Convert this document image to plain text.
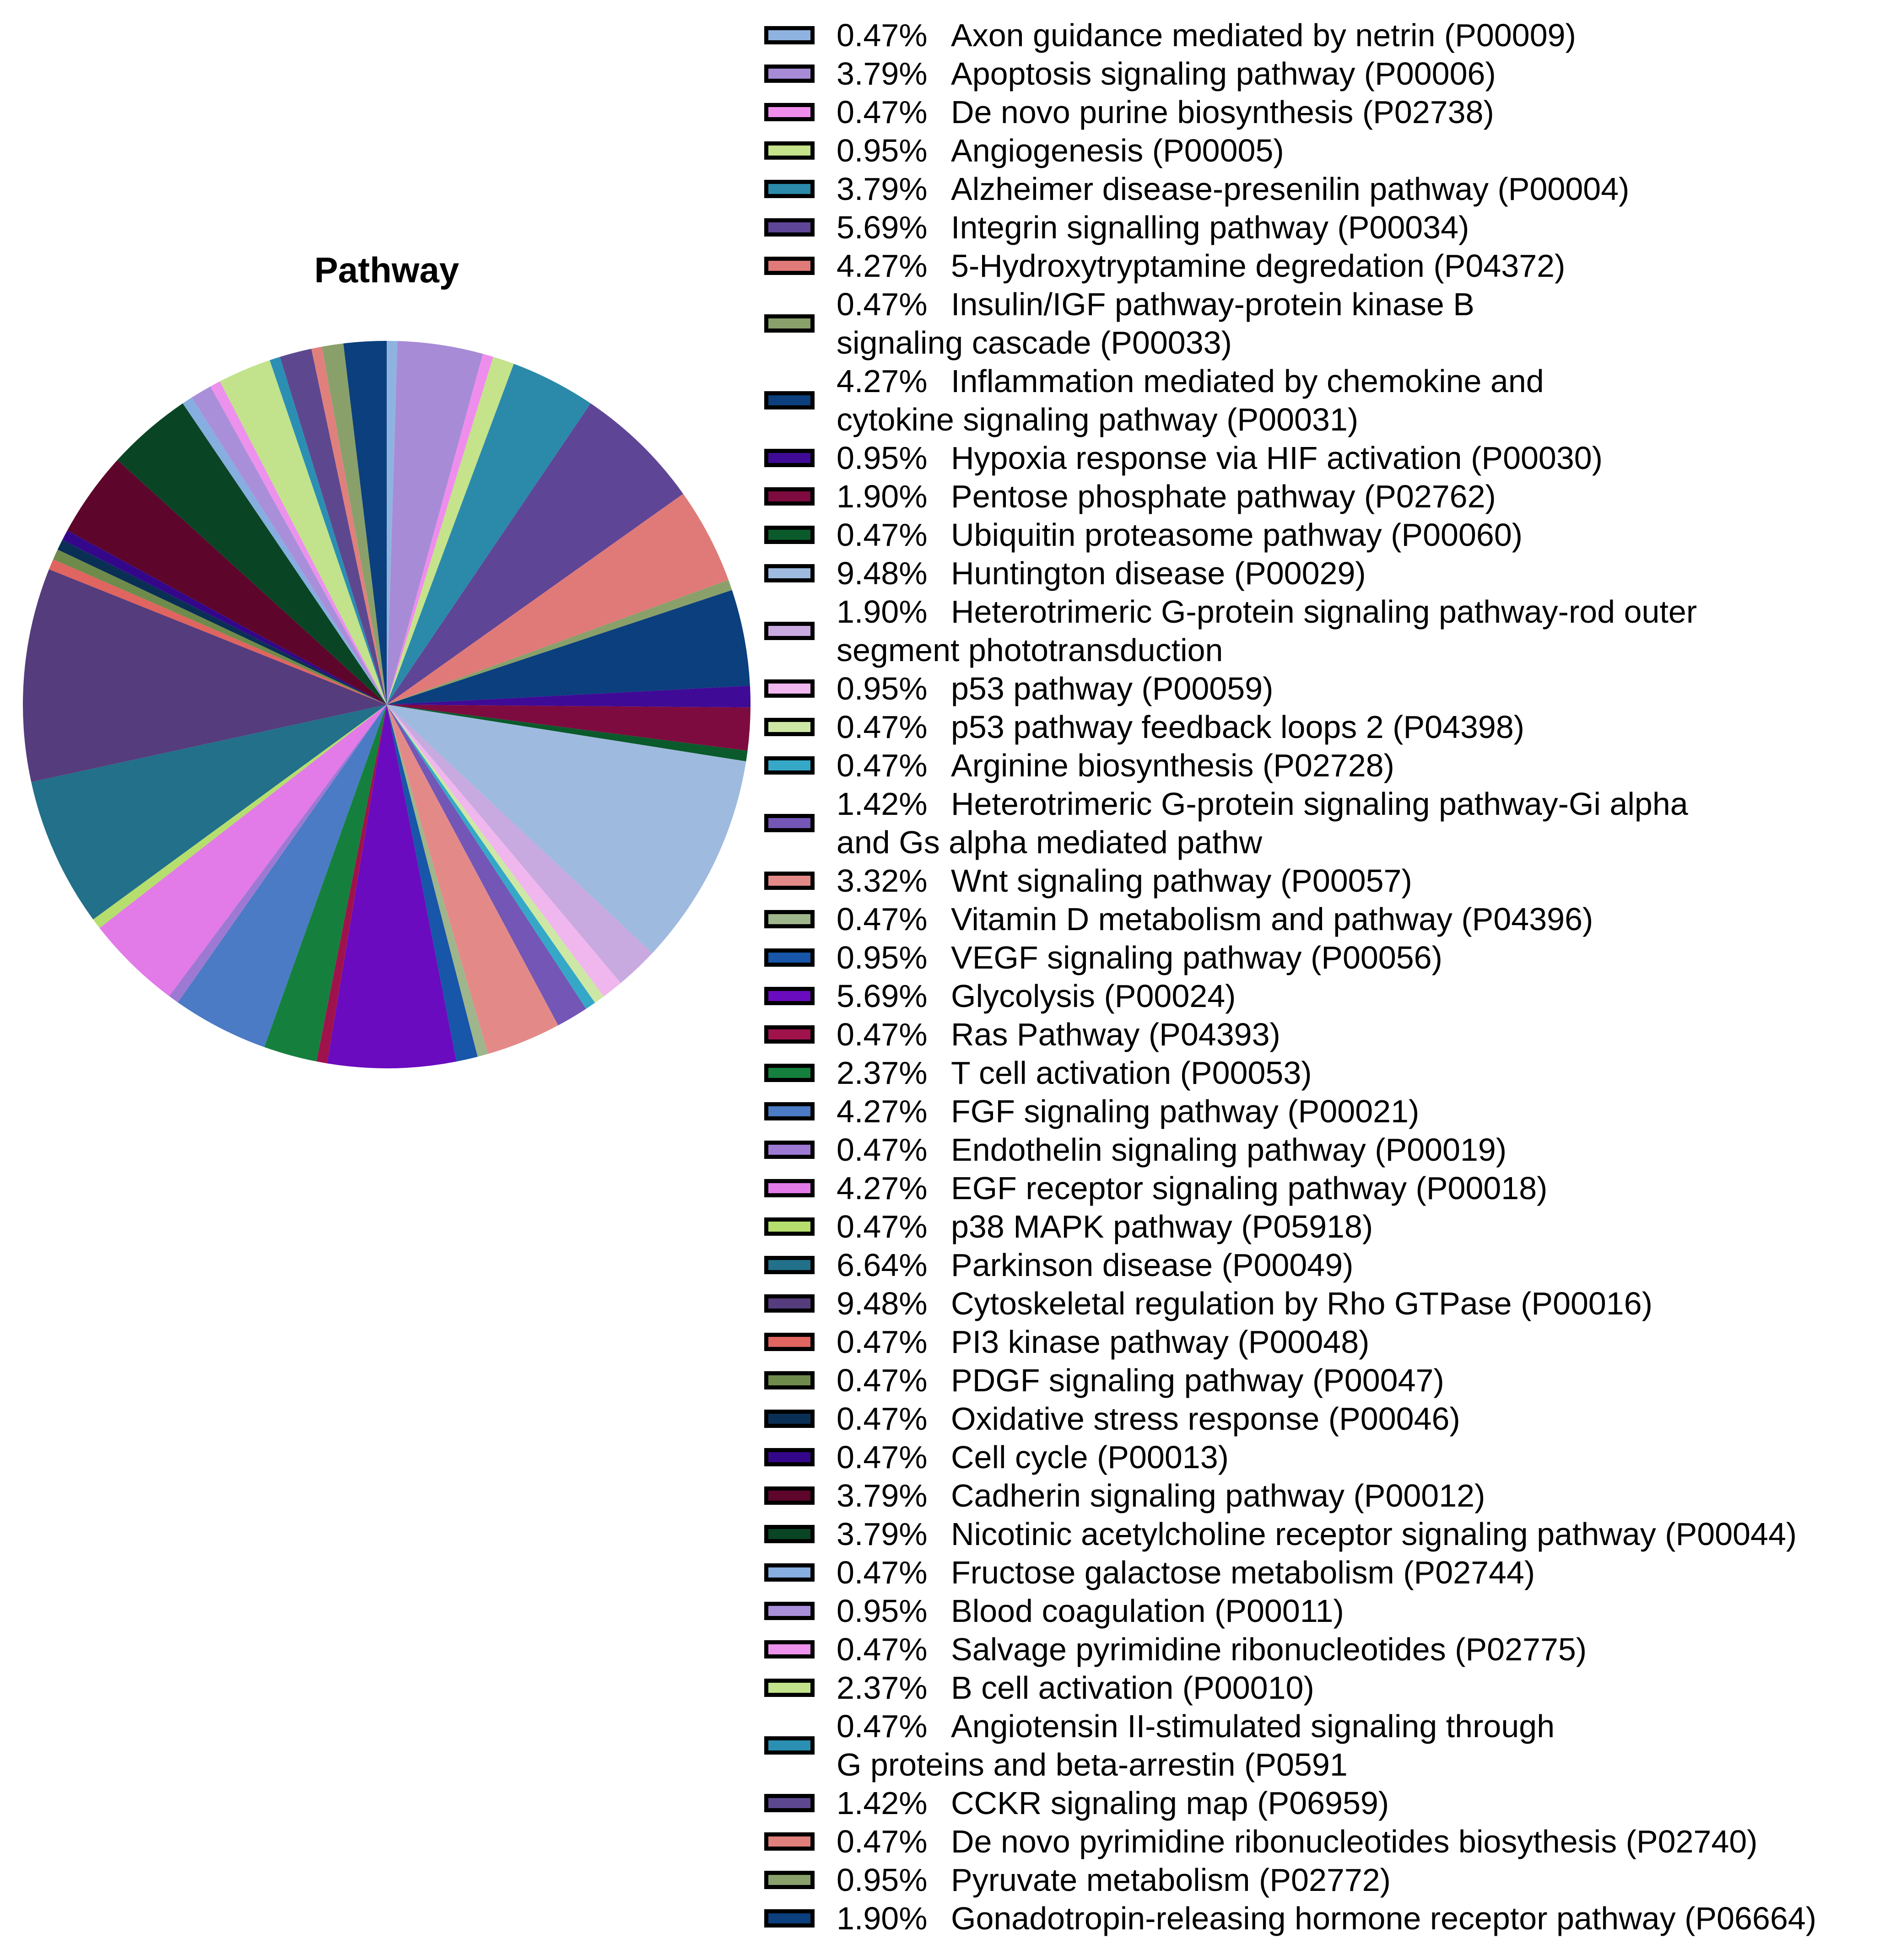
Pathway
0.47% Axon guidance mediated by netrin (P00009)
3.79% Apoptosis signaling pathway (P00006)
0.47% De novo purine biosynthesis (P02738)
0.95% Angiogenesis (P00005)
3.79% Alzheimer disease-presenilin pathway (P00004)
5.69% Integrin signalling pathway (P00034)
4.27% 5-Hydroxytryptamine degredation (P04372)
0.47% Insulin/IGF pathway-protein kinase B
signaling cascade (P00033)
4.27% Inflammation mediated by chemokine and
cytokine signaling pathway (P00031)
0.95% Hypoxia response via HIF activation (P00030)
1.90% Pentose phosphate pathway (P02762)
0.47% Ubiquitin proteasome pathway (P00060)
9.48% Huntington disease (P00029)
1.90% Heterotrimeric G-protein signaling pathway-rod outer
segment phototransduction
0.95% p53 pathway (P00059)
0.47% p53 pathway feedback loops 2 (P04398)
0.47% Arginine biosynthesis (P02728)
1.42% Heterotrimeric G-protein signaling pathway-Gi alpha
and Gs alpha mediated pathw
3.32% Wnt signaling pathway (P00057)
0.47% Vitamin D metabolism and pathway (P04396)
0.95% VEGF signaling pathway (P00056)
5.69% Glycolysis (P00024)
0.47% Ras Pathway (P04393)
2.37% T cell activation (P00053)
4.27% FGF signaling pathway (P00021)
0.47% Endothelin signaling pathway (P00019)
4.27% EGF receptor signaling pathway (P00018)
0.47% p38 MAPK pathway (P05918)
6.64% Parkinson disease (P00049)
9.48% Cytoskeletal regulation by Rho GTPase (P00016)
0.47% PI3 kinase pathway (P00048)
0.47% PDGF signaling pathway (P00047)
0.47% Oxidative stress response (P00046)
0.47% Cell cycle (P00013)
3.79% Cadherin signaling pathway (P00012)
3.79% Nicotinic acetylcholine receptor signaling pathway (P00044)
0.47% Fructose galactose metabolism (P02744)
0.95% Blood coagulation (P00011)
0.47% Salvage pyrimidine ribonucleotides (P02775)
2.37% B cell activation (P00010)
0.47% Angiotensin II-stimulated signaling through
G proteins and beta-arrestin (P0591
1.42% CCKR signaling map (P06959)
0.47% De novo pyrimidine ribonucleotides biosythesis (P02740)
0.95% Pyruvate metabolism (P02772)
1.90% Gonadotropin-releasing hormone receptor pathway (P06664)
